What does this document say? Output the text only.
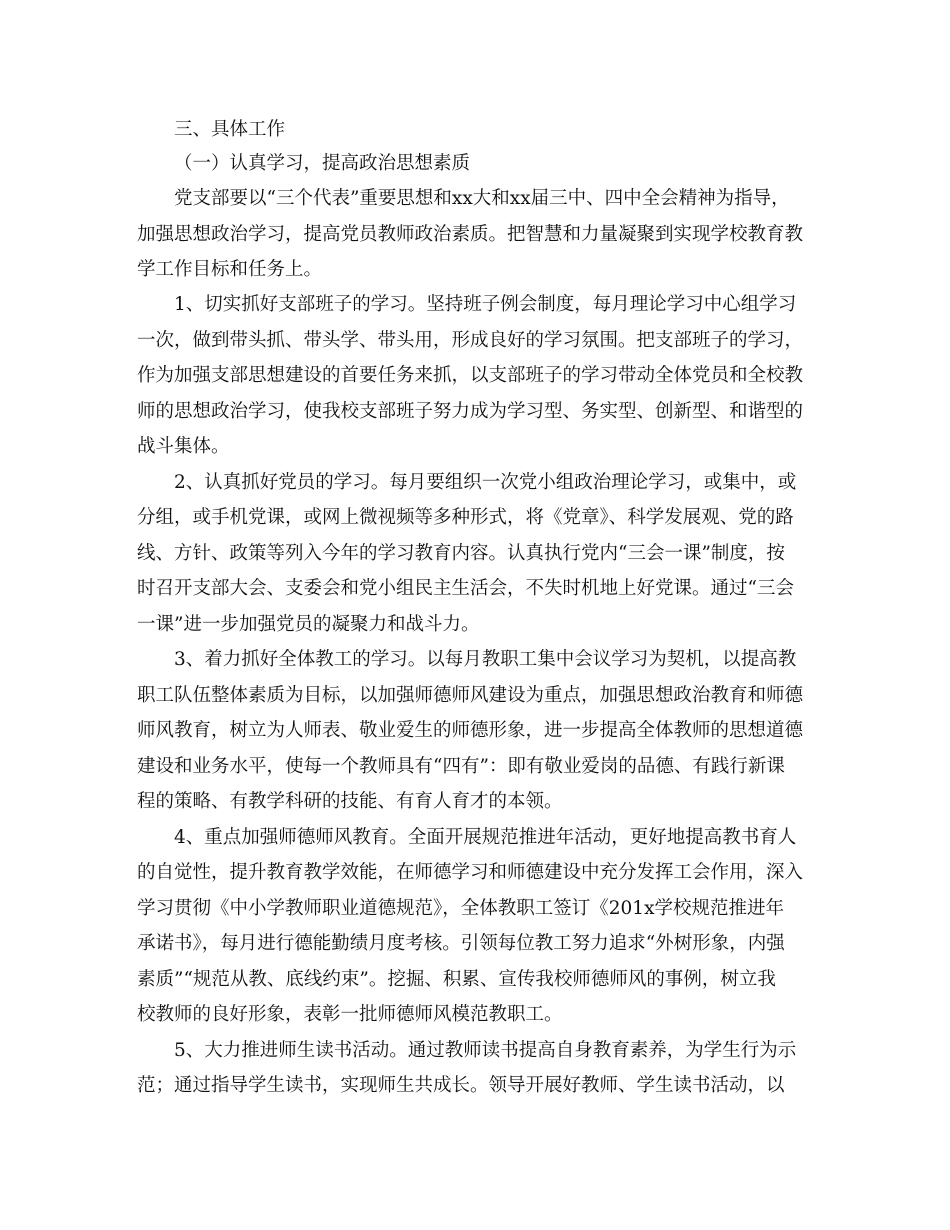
三、具体工作
（一）认真学习，提高政治思想素质
党支部要以“三个代表”重要思想和xx大和xx届三中、四中全会精神为指导，
加强思想政治学习，提高党员教师政治素质。把智慧和力量凝聚到实现学校教育教
学工作目标和任务上。
1、切实抓好支部班子的学习。坚持班子例会制度，每月理论学习中心组学习
一次，做到带头抓、带头学、带头用，形成良好的学习氛围。把支部班子的学习，
作为加强支部思想建设的首要任务来抓，以支部班子的学习带动全体党员和全校教
师的思想政治学习，使我校支部班子努力成为学习型、务实型、创新型、和谐型的
战斗集体。
2、认真抓好党员的学习。每月要组织一次党小组政治理论学习，或集中，或
分组，或手机党课，或网上微视频等多种形式，将《党章》、科学发展观、党的路
线、方针、政策等列入今年的学习教育内容。认真执行党内“三会一课”制度，按
时召开支部大会、支委会和党小组民主生活会，不失时机地上好党课。通过“三会
一课”进一步加强党员的凝聚力和战斗力。
3、着力抓好全体教工的学习。以每月教职工集中会议学习为契机，以提高教
职工队伍整体素质为目标，以加强师德师风建设为重点，加强思想政治教育和师德
师风教育，树立为人师表、敬业爱生的师德形象，进一步提高全体教师的思想道德
建设和业务水平，使每一个教师具有“四有”：即有敬业爱岗的品德、有践行新课
程的策略、有教学科研的技能、有育人育才的本领。
4、重点加强师德师风教育。全面开展规范推进年活动，更好地提高教书育人
的自觉性，提升教育教学效能，在师德学习和师德建设中充分发挥工会作用，深入
学习贯彻《中小学教师职业道德规范》，全体教职工签订《201x学校规范推进年
承诺书》，每月进行德能勤绩月度考核。引领每位教工努力追求“外树形象，内强
素质”“规范从教、底线约束”。挖掘、积累、宣传我校师德师风的事例，树立我
校教师的良好形象，表彰一批师德师风模范教职工。
5、大力推进师生读书活动。通过教师读书提高自身教育素养，为学生行为示
范；通过指导学生读书，实现师生共成长。领导开展好教师、学生读书活动，以
